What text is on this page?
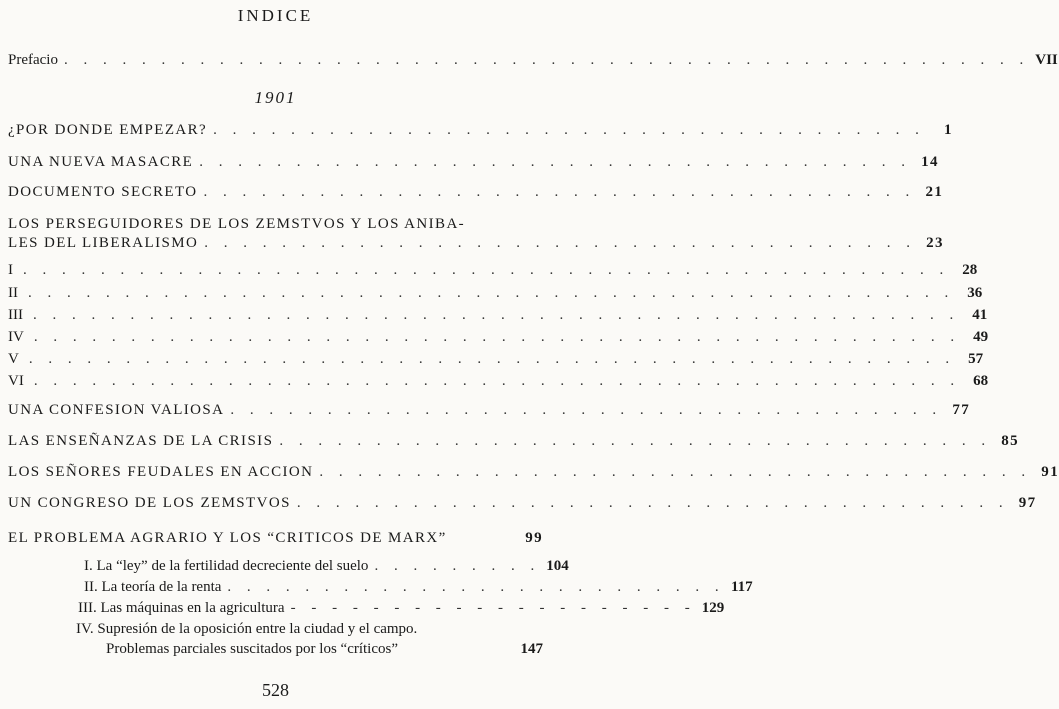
INDICE
Prefacio . . . . . . . . . . . . . . . . . . . . . . . . . . . . . . . . . . . . . . . . . . . . . . . . . . VII
1901
¿POR DONDE EMPEZAR? . . . . . . . . . . . . . . . . . . . . . . . . . . . . . . . . . . . . .	1
UNA NUEVA MASACRE . . . . . . . . . . . . . . . . . . . . . . . . . . . . . . . . . . . . . 14
DOCUMENTO SECRETO . . . . . . . . . . . . . . . . . . . . . . . . . . . . . . . . . . . . . 21
LOS PERSEGUIDORES DE LOS ZEMSTVOS Y LOS ANIBA-
LES DEL LIBERALISMO . . . . . . . . . . . . . . . . . . . . . . . . . . . . . . . . . . . . . 23
I . . . . . . . . . . . . . . . . . . . . . . . . . . . . . . . . . . . . . . . . . . . . . . . . 28
II . . . . . . . . . . . . . . . . . . . . . . . . . . . . . . . . . . . . . . . . . . . . . . . . 36
III . . . . . . . . . . . . . . . . . . . . . . . . . . . . . . . . . . . . . . . . . . . . . . . . 41
IV . . . . . . . . . . . . . . . . . . . . . . . . . . . . . . . . . . . . . . . . . . . . . . . . 49
V . . . . . . . . . . . . . . . . . . . . . . . . . . . . . . . . . . . . . . . . . . . . . . . . 57
VI . . . . . . . . . . . . . . . . . . . . . . . . . . . . . . . . . . . . . . . . . . . . . . . . 68
UNA CONFESION VALIOSA . . . . . . . . . . . . . . . . . . . . . . . . . . . . . . . . . . . . . 77
LAS ENSEÑANZAS DE LA CRISIS . . . . . . . . . . . . . . . . . . . . . . . . . . . . . . . . . . . . . 85
LOS SEÑORES FEUDALES EN ACCION . . . . . . . . . . . . . . . . . . . . . . . . . . . . . . . . . . . . . 91
UN CONGRESO DE LOS ZEMSTVOS . . . . . . . . . . . . . . . . . . . . . . . . . . . . . . . . . . . . . 97
EL PROBLEMA AGRARIO Y LOS “CRITICOS DE MARX”	99
I. La “ley” de la fertilidad decreciente del suelo . . . . . . . . . 104
II. La teoría de la renta . . . . . . . . . . . . . . . . . . . . . . . . . . 117
III. Las máquinas en la agricultura - - - - - - - - - - - - - - - - - - - - 129
IV. Supresión de la oposición entre la ciudad y el campo.
Problemas parciales suscitados por los “críticos”	147
528
